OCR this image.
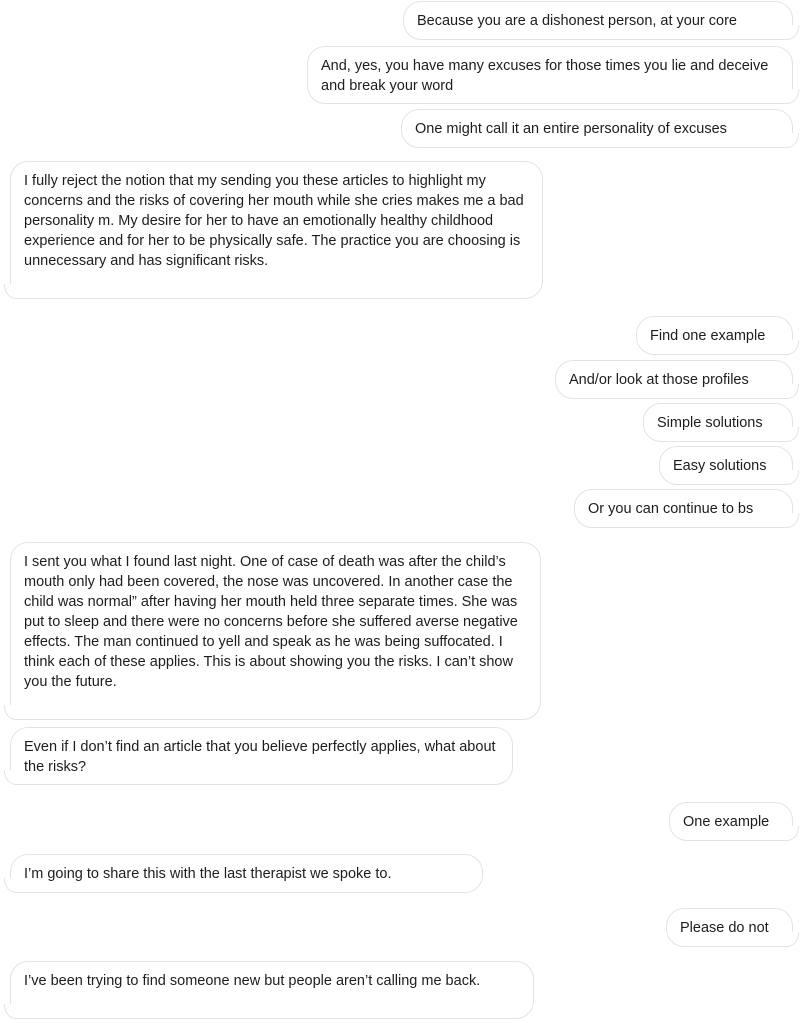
Because you are a dishonest person, at your core
And, yes, you have many excuses for those times you lie and deceive and break your word
One might call it an entire personality of excuses
I fully reject the notion that my sending you these articles to highlight my concerns and the risks of covering her mouth while she cries makes me a bad personality m. My desire for her to have an emotionally healthy childhood experience and for her to be physically safe. The practice you are choosing is unnecessary and has significant risks.
Find one example
And/or look at those profiles
Simple solutions
Easy solutions
Or you can continue to bs
I sent you what I found last night. One of case of death was after the child’s mouth only had been covered, the nose was uncovered. In another case the child was normal” after having her mouth held three separate times. She was put to sleep and there were no concerns before she suffered averse negative effects. The man continued to yell and speak as he was being suffocated. I think each of these applies. This is about showing you the risks. I can’t show you the future.
Even if I don’t find an article that you believe perfectly applies, what about the risks?
One example
I’m going to share this with the last therapist we spoke to.
Please do not
I’ve been trying to find someone new but people aren’t calling me back.
